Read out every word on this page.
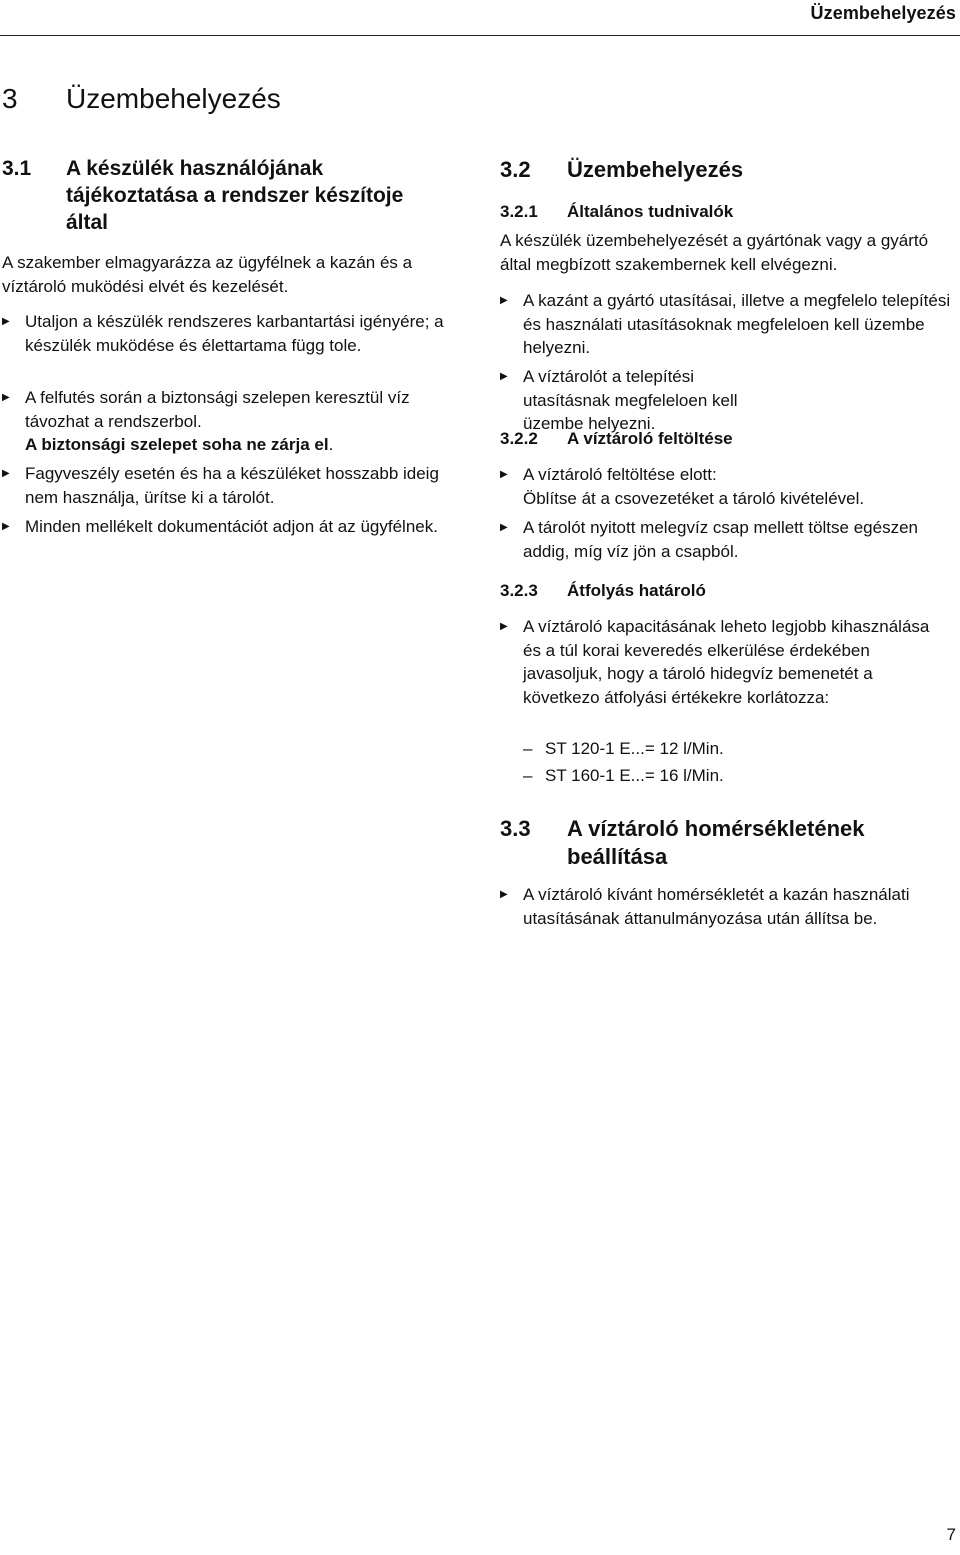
Üzembehelyezés
3	Üzembehelyezés
3.1	A készülék használójának tájékoztatása a rendszer készítoje által

A szakember elmagyarázza az ügyfélnek a kazán és a víztároló muködési elvét és kezelését.

▶ Utaljon a készülék rendszeres karbantartási igényére; a készülék muködése és élettartama függ tole.
▶ A felfutés során a biztonsági szelepen keresztül víz távozhat a rendszerbol.
A biztonsági szelepet soha ne zárja el.
▶ Fagyveszély esetén és ha a készüléket hosszabb ideig nem használja, ürítse ki a tárolót.
▶ Minden mellékelt dokumentációt adjon át az ügyfélnek.
3.2	Üzembehelyezés
3.2.1	Általános tudnivalók

A készülék üzembehelyezését a gyártónak vagy a gyártó által megbízott szakembernek kell elvégezni.

▶ A kazánt a gyártó utasításai, illetve a megfelelo telepítési és használati utasításoknak megfeleloen kell üzembe helyezni.
▶ A víztárolót a telepítési utasításnak megfeleloen kell üzembe helyezni.
3.2.2	A víztároló feltöltése
▶ A víztároló feltöltése elott:
Öblítse át a csovezetéket a tároló kivételével.
▶ A tárolót nyitott melegvíz csap mellett töltse egészen addig, míg víz jön a csapból.
3.2.3	Átfolyás határoló
▶ A víztároló kapacitásának leheto legjobb kihasználása és a túl korai keveredés elkerülése érdekében javasoljuk, hogy a tároló hidegvíz bemenetét a következo átfolyási értékekre korlátozza:
– ST 120-1 E...= 12 l/Min.
– ST 160-1 E...= 16 l/Min.
3.3	A víztároló homérsékletének
beállítása
▶ A víztároló kívánt homérsékletét a kazán használati utasításának áttanulmányozása után állítsa be.
7
